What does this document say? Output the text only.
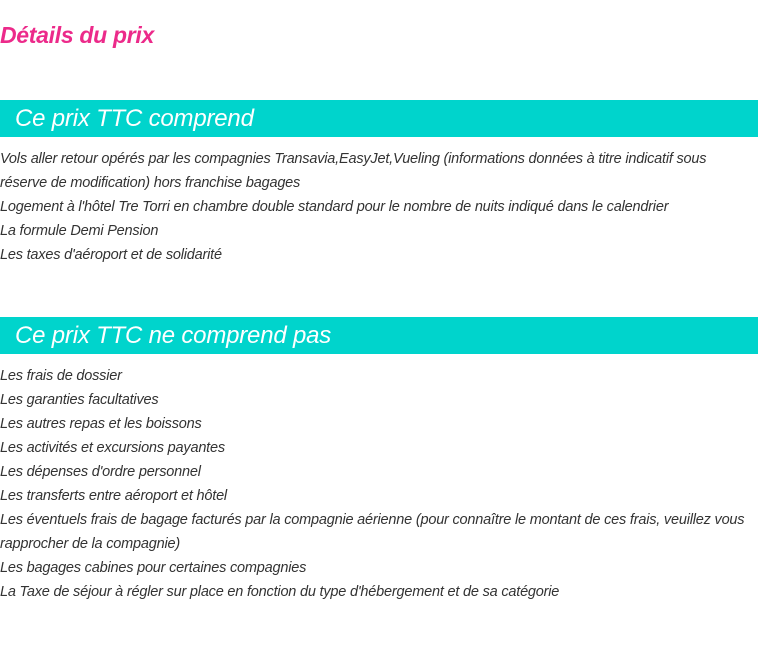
Détails du prix
Ce prix TTC comprend
Vols aller retour opérés par les compagnies Transavia,EasyJet,Vueling (informations données à titre indicatif sous réserve de modification) hors franchise bagages
Logement à l'hôtel Tre Torri en chambre double standard pour le nombre de nuits indiqué dans le calendrier
La formule Demi Pension
Les taxes d'aéroport et de solidarité
Ce prix TTC ne comprend pas
Les frais de dossier
Les garanties facultatives
Les autres repas et les boissons
Les activités et excursions payantes
Les dépenses d'ordre personnel
Les transferts entre aéroport et hôtel
Les éventuels frais de bagage facturés par la compagnie aérienne (pour connaître le montant de ces frais, veuillez vous rapprocher de la compagnie)
Les bagages cabines pour certaines compagnies
La Taxe de séjour à régler sur place en fonction du type d'hébergement et de sa catégorie
